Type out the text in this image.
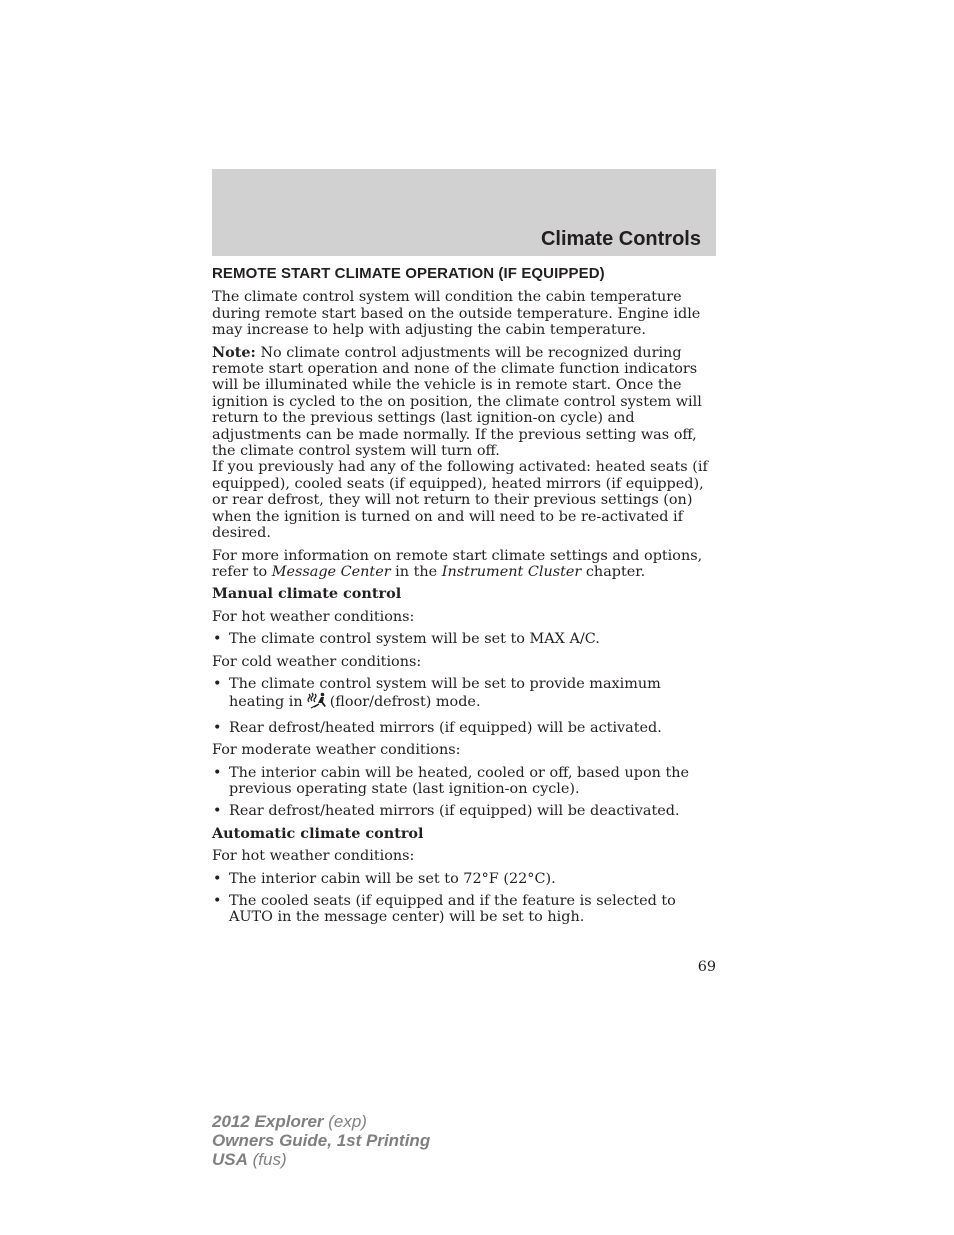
Climate Controls
REMOTE START CLIMATE OPERATION (IF EQUIPPED)

The climate control system will condition the cabin temperature during remote start based on the outside temperature. Engine idle may increase to help with adjusting the cabin temperature.

Note: No climate control adjustments will be recognized during remote start operation and none of the climate function indicators will be illuminated while the vehicle is in remote start. Once the ignition is cycled to the on position, the climate control system will return to the previous settings (last ignition-on cycle) and adjustments can be made normally. If the previous setting was off, the climate control system will turn off.

If you previously had any of the following activated: heated seats (if equipped), cooled seats (if equipped), heated mirrors (if equipped), or rear defrost, they will not return to their previous settings (on) when the ignition is turned on and will need to be re-activated if desired.

For more information on remote start climate settings and options, refer to Message Center in the Instrument Cluster chapter.

Manual climate control

For hot weather conditions:

• The climate control system will be set to MAX A/C.

For cold weather conditions:

• The climate control system will be set to provide maximum heating in (floor/defrost) mode.
• Rear defrost/heated mirrors (if equipped) will be activated.

For moderate weather conditions:

• The interior cabin will be heated, cooled or off, based upon the previous operating state (last ignition-on cycle).
• Rear defrost/heated mirrors (if equipped) will be deactivated.
Automatic climate control

For hot weather conditions:

• The interior cabin will be set to 72°F (22°C).
• The cooled seats (if equipped and if the feature is selected to AUTO in the message center) will be set to high.
69
2012 Explorer (exp)
Owners Guide, 1st Printing
USA (fus)
